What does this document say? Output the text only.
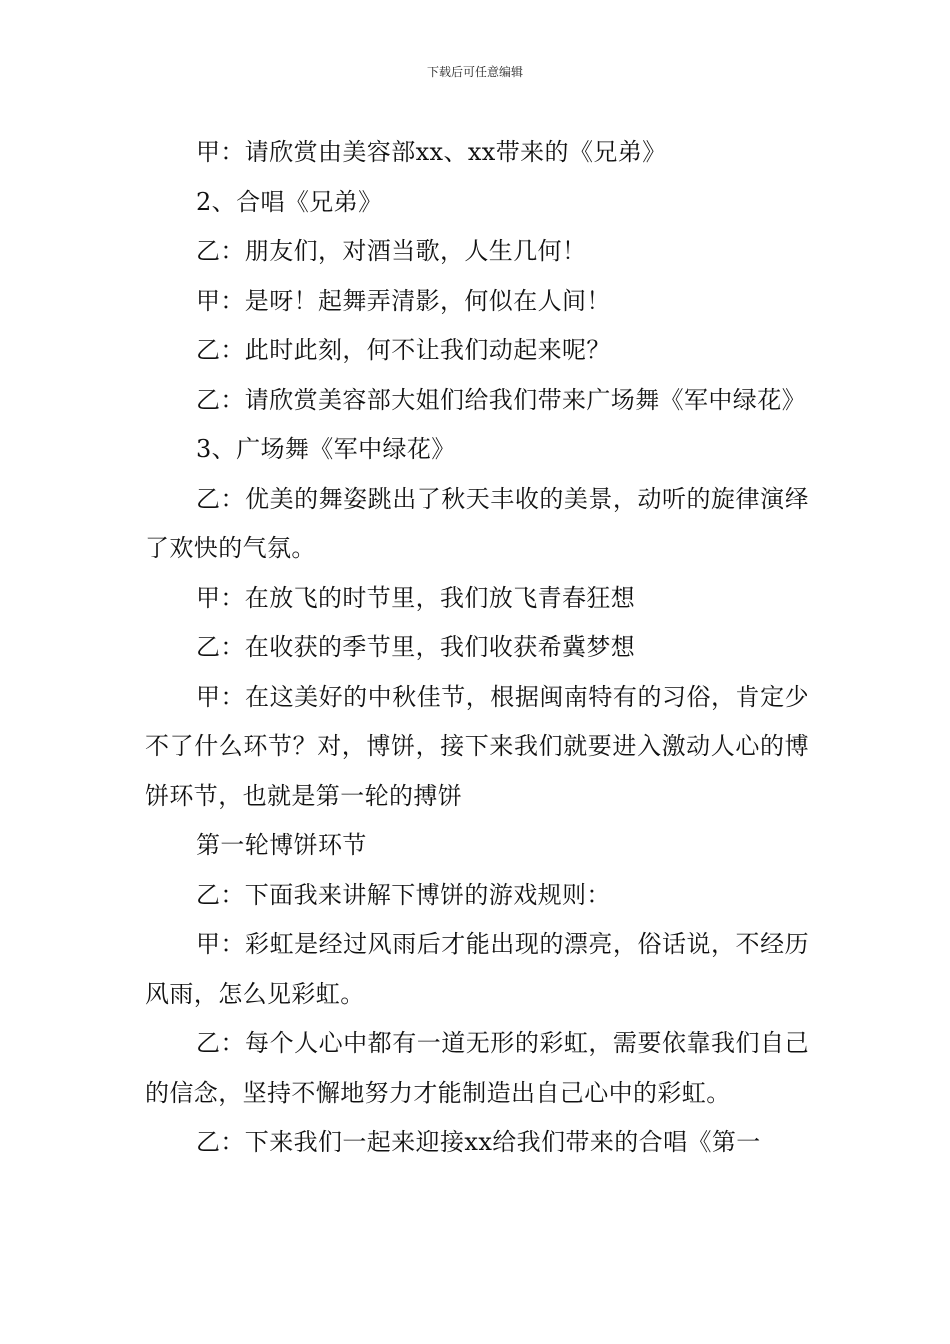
下载后可任意编辑

甲：请欣赏由美容部xx、xx带来的《兄弟》

2、合唱《兄弟》

乙：朋友们，对酒当歌，人生几何！

甲：是呀！起舞弄清影，何似在人间！

乙：此时此刻，何不让我们动起来呢？

乙：请欣赏美容部大姐们给我们带来广场舞《军中绿花》

3、广场舞《军中绿花》

乙：优美的舞姿跳出了秋天丰收的美景，动听的旋律演绎了欢快的气氛。

甲：在放飞的时节里，我们放飞青春狂想

乙：在收获的季节里，我们收获希冀梦想

甲：在这美好的中秋佳节，根据闽南特有的习俗，肯定少不了什么环节？对，博饼，接下来我们就要进入激动人心的博饼环节，也就是第一轮的搏饼

第一轮博饼环节

乙：下面我来讲解下博饼的游戏规则：

甲：彩虹是经过风雨后才能出现的漂亮，俗话说，不经历风雨，怎么见彩虹。

乙：每个人心中都有一道无形的彩虹，需要依靠我们自己的信念，坚持不懈地努力才能制造出自己心中的彩虹。

乙：下来我们一起来迎接xx给我们带来的合唱《第一
